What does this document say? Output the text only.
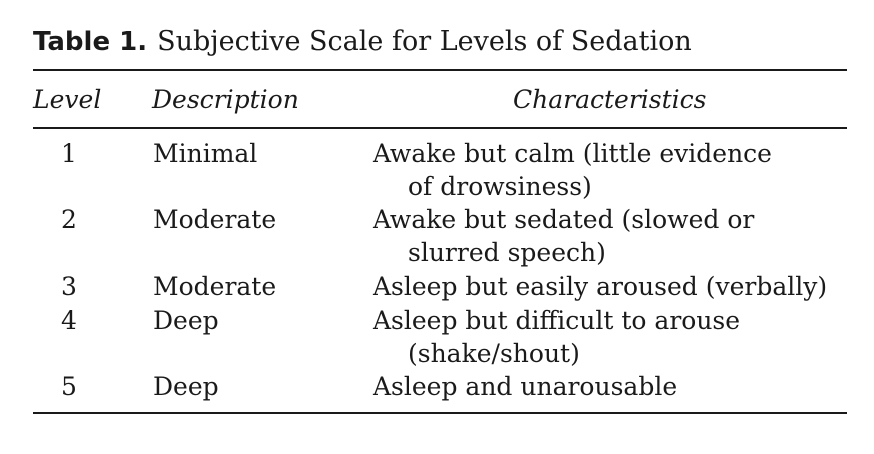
Table 1. Subjective Scale for Levels of Sedation
Level Description	Characteristics
1	Minimal	Awake but calm (little evidence
of drowsiness)
2	Moderate	Awake but sedated (slowed or
slurred speech)
3	Moderate	Asleep but easily aroused (verbally)
4	Deep	Asleep but difficult to arouse
(shake/shout)
5	Deep	Asleep and unarousable
